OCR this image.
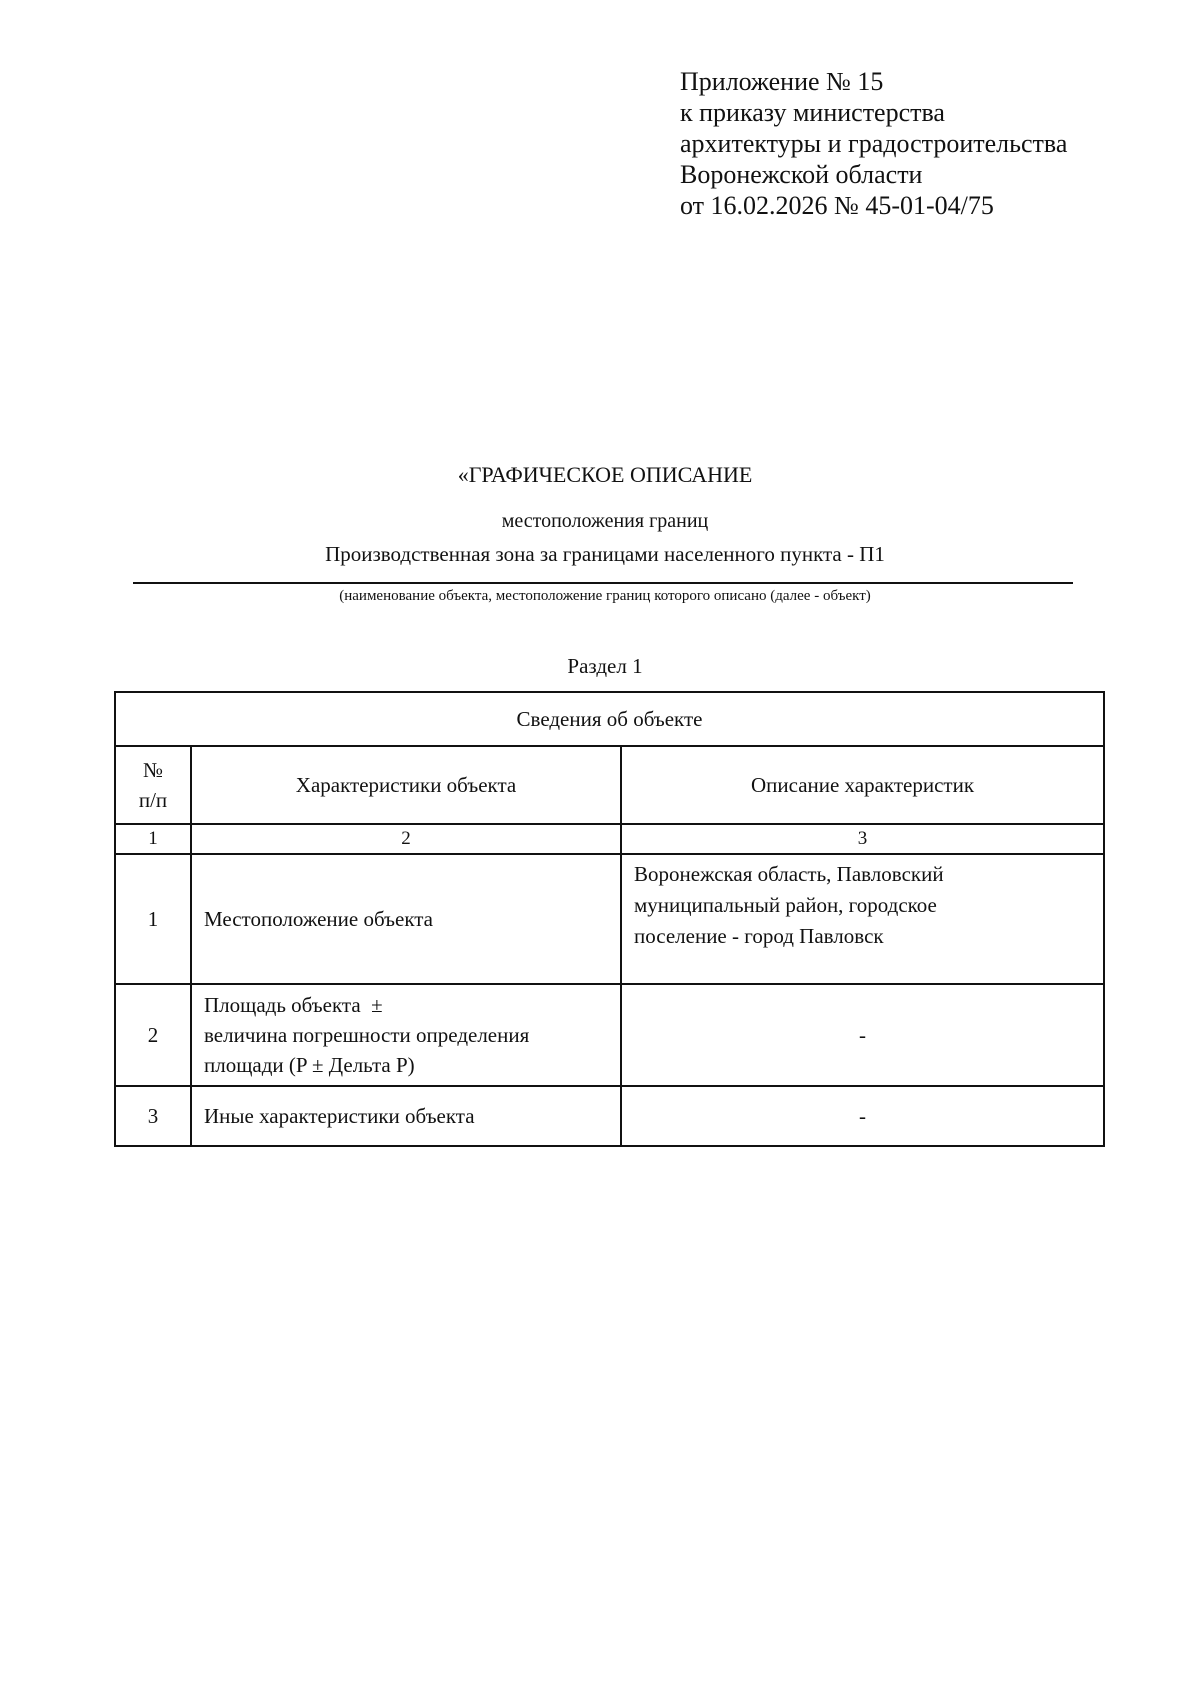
Приложение № 15
к приказу министерства
архитектуры и градостроительства
Воронежской области
от 16.02.2026 № 45-01-04/75
«ГРАФИЧЕСКОЕ ОПИСАНИЕ
местоположения границ
Производственная зона за границами населенного пункта - П1
(наименование объекта, местоположение границ которого описано (далее - объект)
Раздел 1
Сведения об объекте		

№
п/п	Характеристики объекта	Описание характеристик
1	2	3
1	Местоположение объекта	Воронежская область, Павловский
муниципальный район, городское
поселение - город Павловск

2	Площадь объекта  ±
величина погрешности определения
площади (P ± Дельта P)	-
3	Иные характеристики объекта	-
